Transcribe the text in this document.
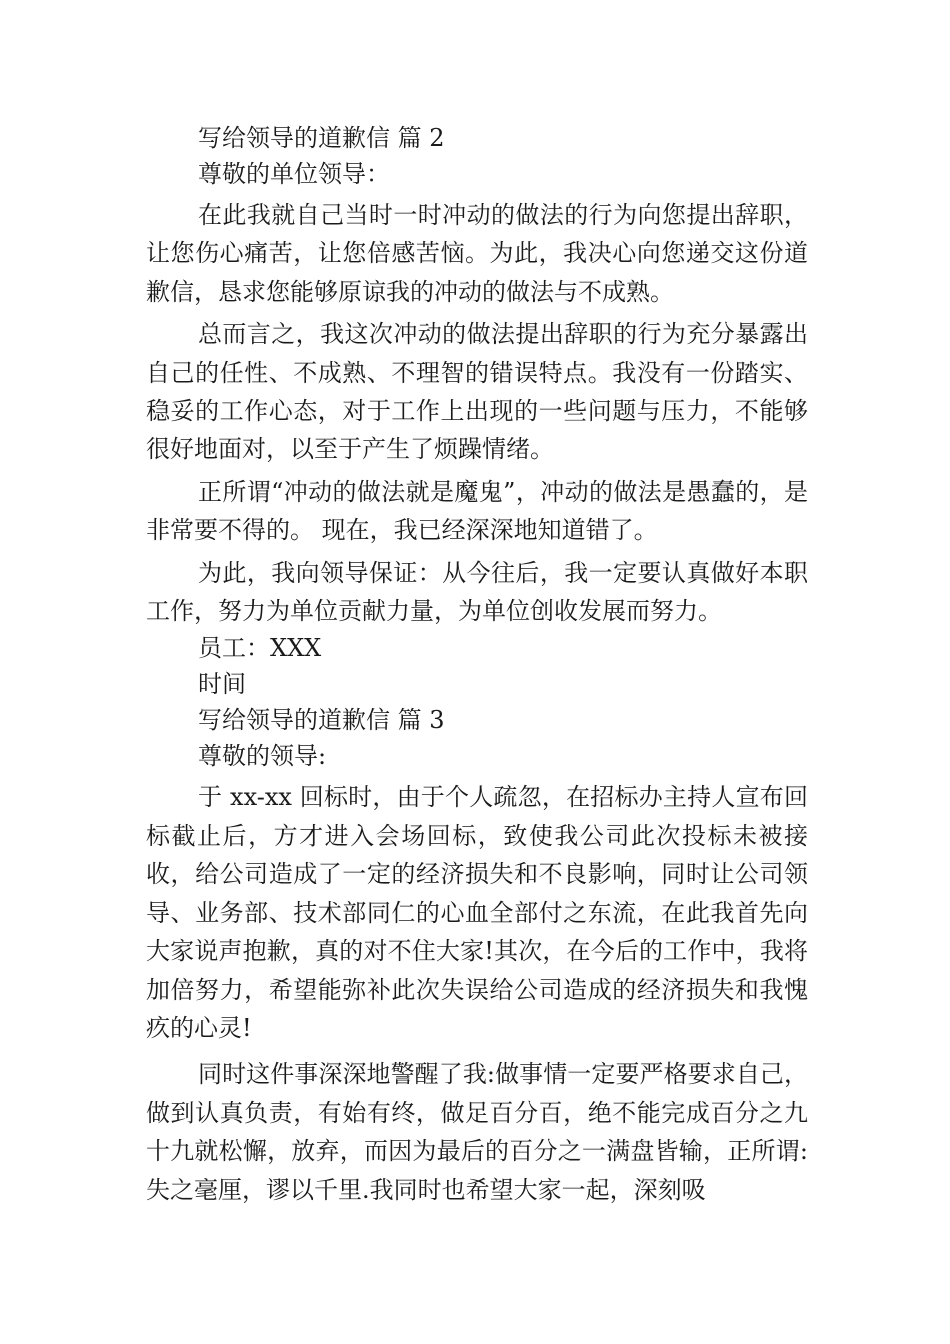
写给领导的道歉信 篇 2
尊敬的单位领导：

在此我就自己当时一时冲动的做法的行为向您提出辞职，让您伤心痛苦，让您倍感苦恼。为此，我决心向您递交这份道歉信，恳求您能够原谅我的冲动的做法与不成熟。

总而言之，我这次冲动的做法提出辞职的行为充分暴露出自己的任性、不成熟、不理智的错误特点。我没有一份踏实、稳妥的工作心态，对于工作上出现的一些问题与压力，不能够很好地面对，以至于产生了烦躁情绪。

正所谓“冲动的做法就是魔鬼”，冲动的做法是愚蠢的，是非常要不得的。 现在，我已经深深地知道错了。

为此，我向领导保证：从今往后，我一定要认真做好本职工作，努力为单位贡献力量，为单位创收发展而努力。

员工：XXX
时间
写给领导的道歉信 篇 3
尊敬的领导:

于 xx-xx 回标时，由于个人疏忽，在招标办主持人宣布回标截止后，方才进入会场回标，致使我公司此次投标未被接收，给公司造成了一定的经济损失和不良影响，同时让公司领导、业务部、技术部同仁的心血全部付之东流，在此我首先向大家说声抱歉，真的对不住大家!其次，在今后的工作中，我将加倍努力，希望能弥补此次失误给公司造成的经济损失和我愧疚的心灵!

同时这件事深深地警醒了我:做事情一定要严格要求自己，做到认真负责，有始有终，做足百分百，绝不能完成百分之九十九就松懈，放弃，而因为最后的百分之一满盘皆输，正所谓:失之毫厘，谬以千里.我同时也希望大家一起，深刻吸
